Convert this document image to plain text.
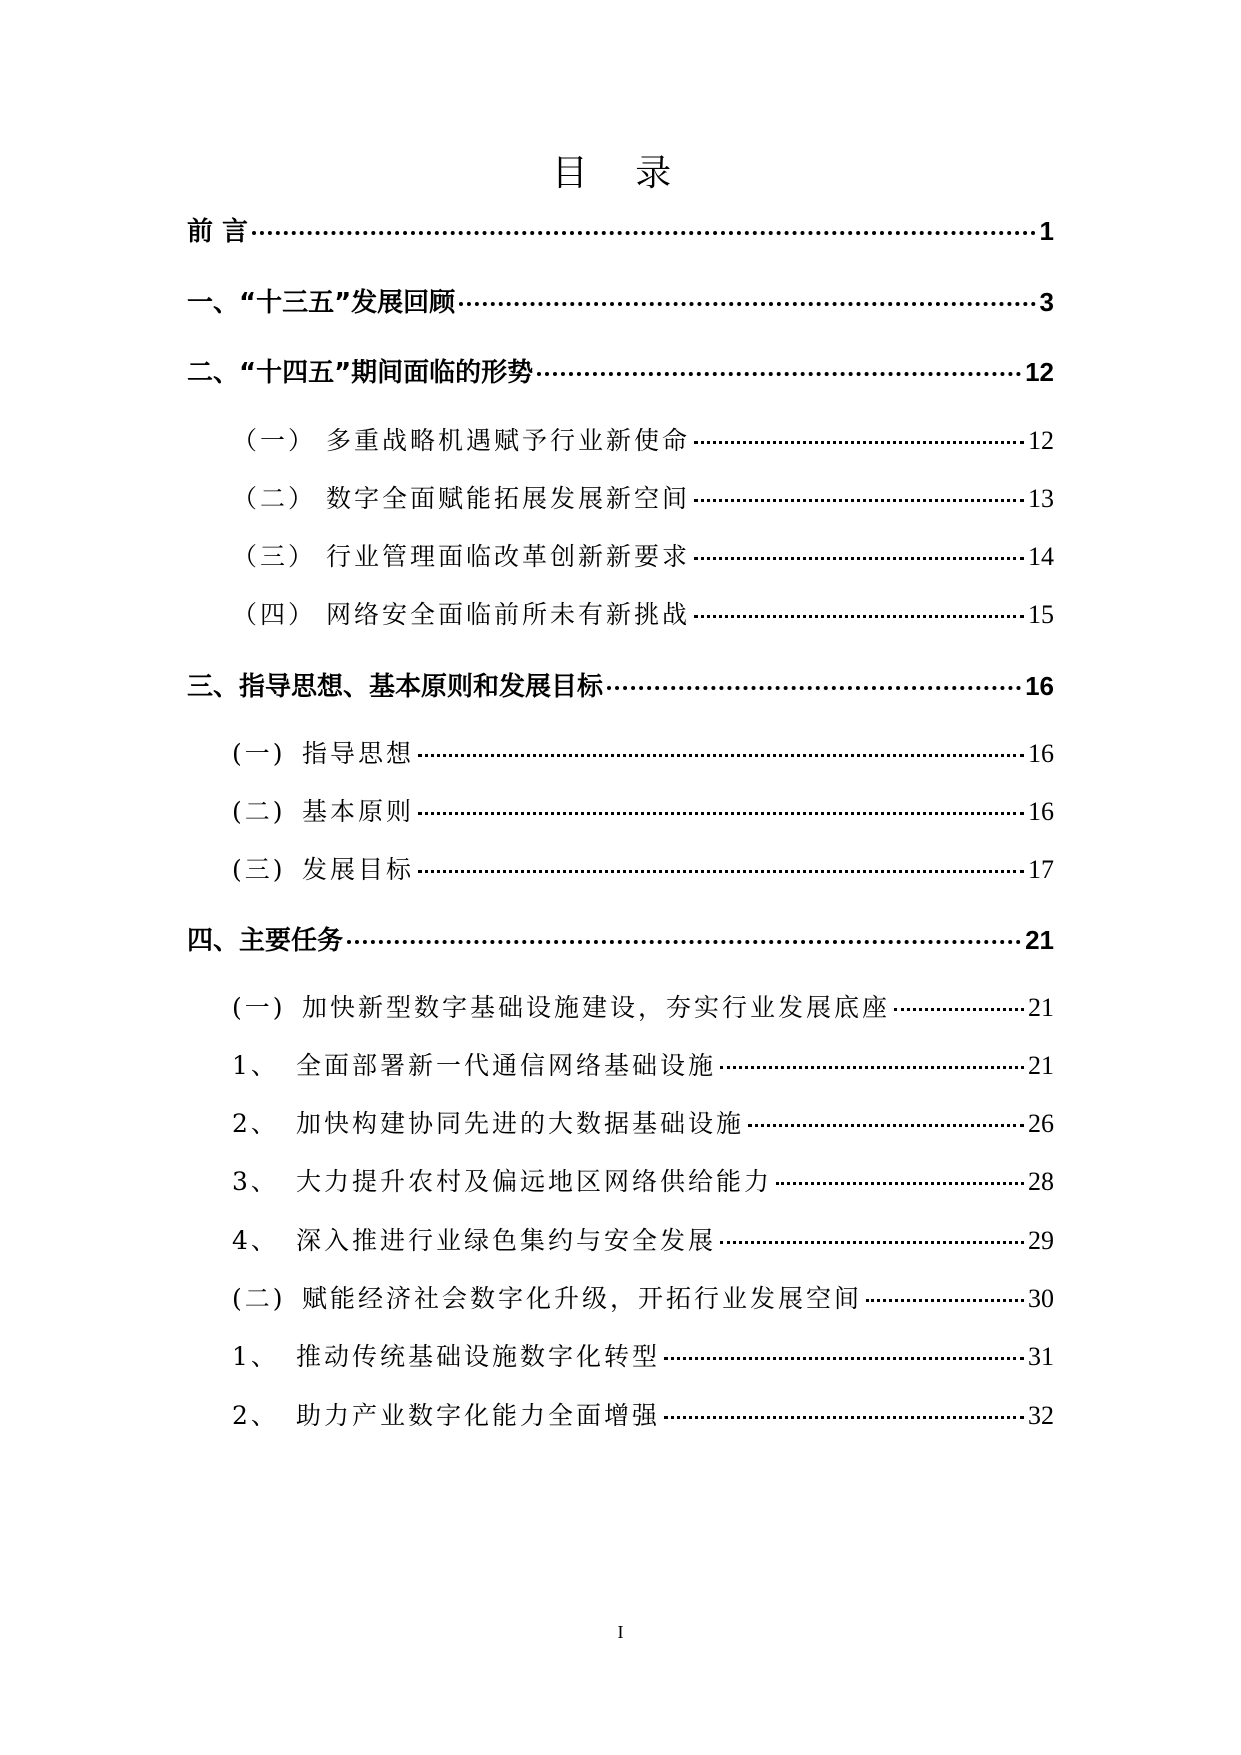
目 录
前 言	1
一、“十三五”发展回顾	3
二、“十四五”期间面临的形势	12
（一） 多重战略机遇赋予行业新使命	12
（二） 数字全面赋能拓展发展新空间	13
（三） 行业管理面临改革创新新要求	14
（四） 网络安全面临前所未有新挑战	15
三、指导思想、基本原则和发展目标	16
(一) 指导思想	16
(二) 基本原则	16
(三) 发展目标	17
四、主要任务	21
(一) 加快新型数字基础设施建设，夯实行业发展底座	21
1、 全面部署新一代通信网络基础设施	21
2、 加快构建协同先进的大数据基础设施	26
3、 大力提升农村及偏远地区网络供给能力	28
4、 深入推进行业绿色集约与安全发展	29
(二) 赋能经济社会数字化升级，开拓行业发展空间	30
1、 推动传统基础设施数字化转型	31
2、 助力产业数字化能力全面增强	32
I
